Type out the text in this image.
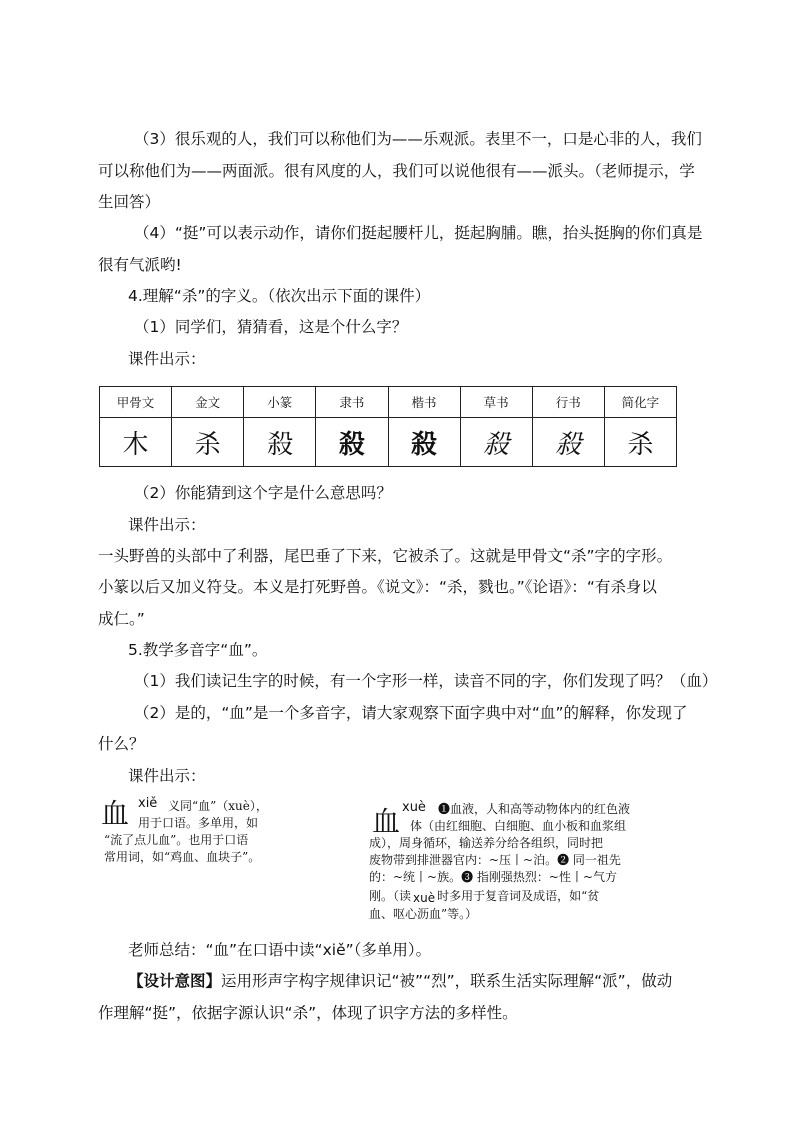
（3）很乐观的人，我们可以称他们为——乐观派。表里不一，口是心非的人，我们
可以称他们为——两面派。很有风度的人，我们可以说他很有——派头。（老师提示，学
生回答）
（4）“挺”可以表示动作，请你们挺起腰杆儿，挺起胸脯。瞧，抬头挺胸的你们真是
很有气派哟!
4.理解“杀”的字义。（依次出示下面的课件）
（1）同学们，猜猜看，这是个什么字？
课件出示：
甲骨文	金文	小篆	隶书	楷书	草书	行书	简化字
⽊	杀	殺	殺	殺	殺	殺	杀
（2）你能猜到这个字是什么意思吗？
课件出示：
一头野兽的头部中了利器，尾巴垂了下来，它被杀了。这就是甲骨文“杀”字的字形。
小篆以后又加义符殳。本义是打死野兽。《说文》：“杀，戮也。”《论语》：“有杀身以
成仁。”
5.教学多音字“血”。
（1）我们读记生字的时候，有一个字形一样，读音不同的字，你们发现了吗？（血）
（2）是的，“血”是一个多音字，请大家观察下面字典中对“血”的解释，你发现了
什么？
课件出示：
血 xiě 义同“血”（xuè），
用于口语。多单用，如
“流了点儿血”。也用于口语
常用词，如“鸡血、血块子”。
血 xuè ❶血液，人和高等动物体内的红色液
体（由红细胞、白细胞、血小板和血浆组
成），周身循环，输送养分给各组织，同时把
废物带到排泄器官内：~压丨~泊。❷ 同一祖先
的：~统丨~族。❸ 指刚强热烈：~性丨~气方
刚。（读 xuè 时多用于复音词及成语，如“贫
血、呕心沥血”等。）
老师总结：“血”在口语中读“xiě”（多单用）。
【设计意图】运用形声字构字规律识记“被”“烈”，联系生活实际理解“派”，做动
作理解“挺”，依据字源认识“杀”，体现了识字方法的多样性。
